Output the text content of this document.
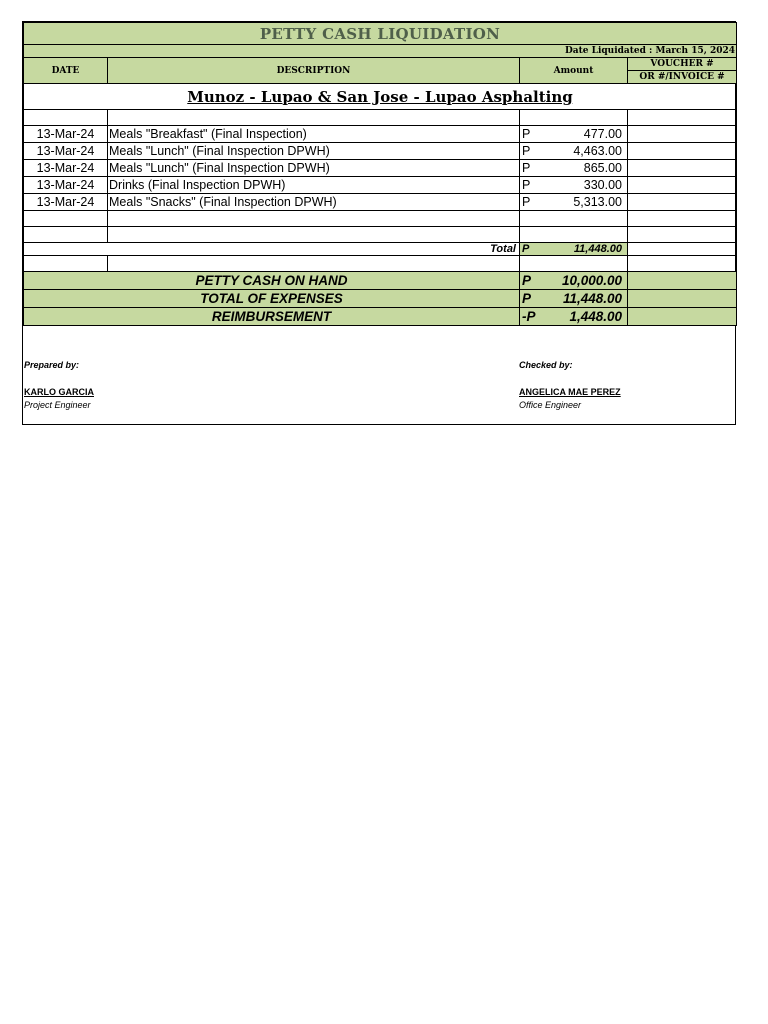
PETTY CASH LIQUIDATION			
Date Liquidated : March 15, 2024			
DATE	DESCRIPTION	Amount	VOUCHER #
			OR #/INVOICE #
Munoz - Lupao & San Jose - Lupao Asphalting			

13-Mar-24	Meals "Breakfast" (Final Inspection)	P 477.00	

13-Mar-24	Meals "Lunch" (Final Inspection DPWH)	P 4,463.00	

13-Mar-24	Meals "Lunch" (Final Inspection DPWH)	P 865.00	

13-Mar-24	Drinks (Final Inspection DPWH)	P 330.00	

13-Mar-24	Meals "Snacks" (Final Inspection DPWH)	P 5,313.00	

Total		P 11,448.00	

PETTY CASH ON HAND		P 10,000.00	

TOTAL OF EXPENSES		P 11,448.00	

REIMBURSEMENT		-P 1,448.00	

Prepared by:
KARLO GARCIA
Project Engineer
Checked by:
ANGELICA MAE PEREZ
Office Engineer
